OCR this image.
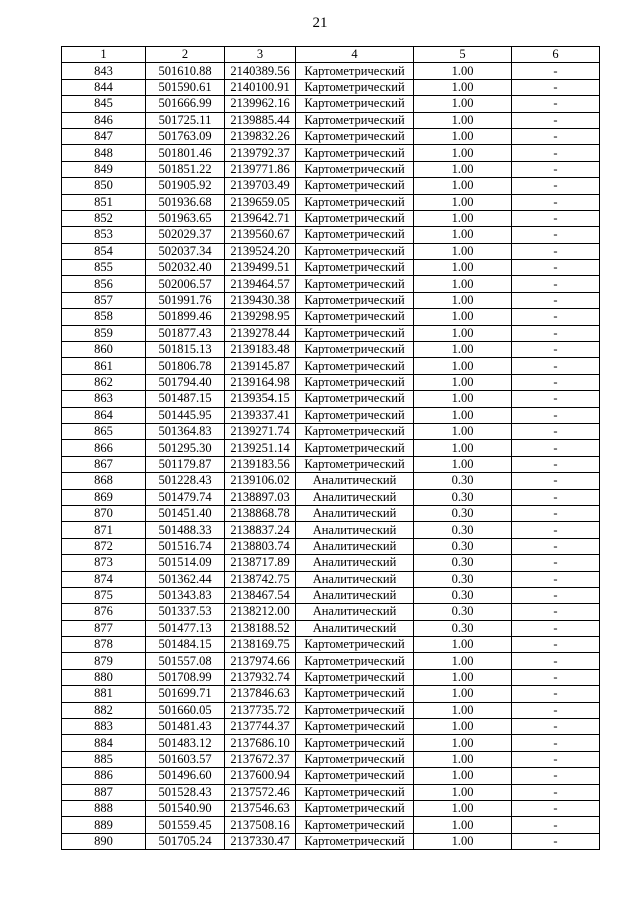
21
1	2	3	4	5	6
843	501610.88	2140389.56	Картометрический	1.00	-
844	501590.61	2140100.91	Картометрический	1.00	-
845	501666.99	2139962.16	Картометрический	1.00	-
846	501725.11	2139885.44	Картометрический	1.00	-
847	501763.09	2139832.26	Картометрический	1.00	-
848	501801.46	2139792.37	Картометрический	1.00	-
849	501851.22	2139771.86	Картометрический	1.00	-
850	501905.92	2139703.49	Картометрический	1.00	-
851	501936.68	2139659.05	Картометрический	1.00	-
852	501963.65	2139642.71	Картометрический	1.00	-
853	502029.37	2139560.67	Картометрический	1.00	-
854	502037.34	2139524.20	Картометрический	1.00	-
855	502032.40	2139499.51	Картометрический	1.00	-
856	502006.57	2139464.57	Картометрический	1.00	-
857	501991.76	2139430.38	Картометрический	1.00	-
858	501899.46	2139298.95	Картометрический	1.00	-
859	501877.43	2139278.44	Картометрический	1.00	-
860	501815.13	2139183.48	Картометрический	1.00	-
861	501806.78	2139145.87	Картометрический	1.00	-
862	501794.40	2139164.98	Картометрический	1.00	-
863	501487.15	2139354.15	Картометрический	1.00	-
864	501445.95	2139337.41	Картометрический	1.00	-
865	501364.83	2139271.74	Картометрический	1.00	-
866	501295.30	2139251.14	Картометрический	1.00	-
867	501179.87	2139183.56	Картометрический	1.00	-
868	501228.43	2139106.02	Аналитический	0.30	-
869	501479.74	2138897.03	Аналитический	0.30	-
870	501451.40	2138868.78	Аналитический	0.30	-
871	501488.33	2138837.24	Аналитический	0.30	-
872	501516.74	2138803.74	Аналитический	0.30	-
873	501514.09	2138717.89	Аналитический	0.30	-
874	501362.44	2138742.75	Аналитический	0.30	-
875	501343.83	2138467.54	Аналитический	0.30	-
876	501337.53	2138212.00	Аналитический	0.30	-
877	501477.13	2138188.52	Аналитический	0.30	-
878	501484.15	2138169.75	Картометрический	1.00	-
879	501557.08	2137974.66	Картометрический	1.00	-
880	501708.99	2137932.74	Картометрический	1.00	-
881	501699.71	2137846.63	Картометрический	1.00	-
882	501660.05	2137735.72	Картометрический	1.00	-
883	501481.43	2137744.37	Картометрический	1.00	-
884	501483.12	2137686.10	Картометрический	1.00	-
885	501603.57	2137672.37	Картометрический	1.00	-
886	501496.60	2137600.94	Картометрический	1.00	-
887	501528.43	2137572.46	Картометрический	1.00	-
888	501540.90	2137546.63	Картометрический	1.00	-
889	501559.45	2137508.16	Картометрический	1.00	-
890	501705.24	2137330.47	Картометрический	1.00	-
